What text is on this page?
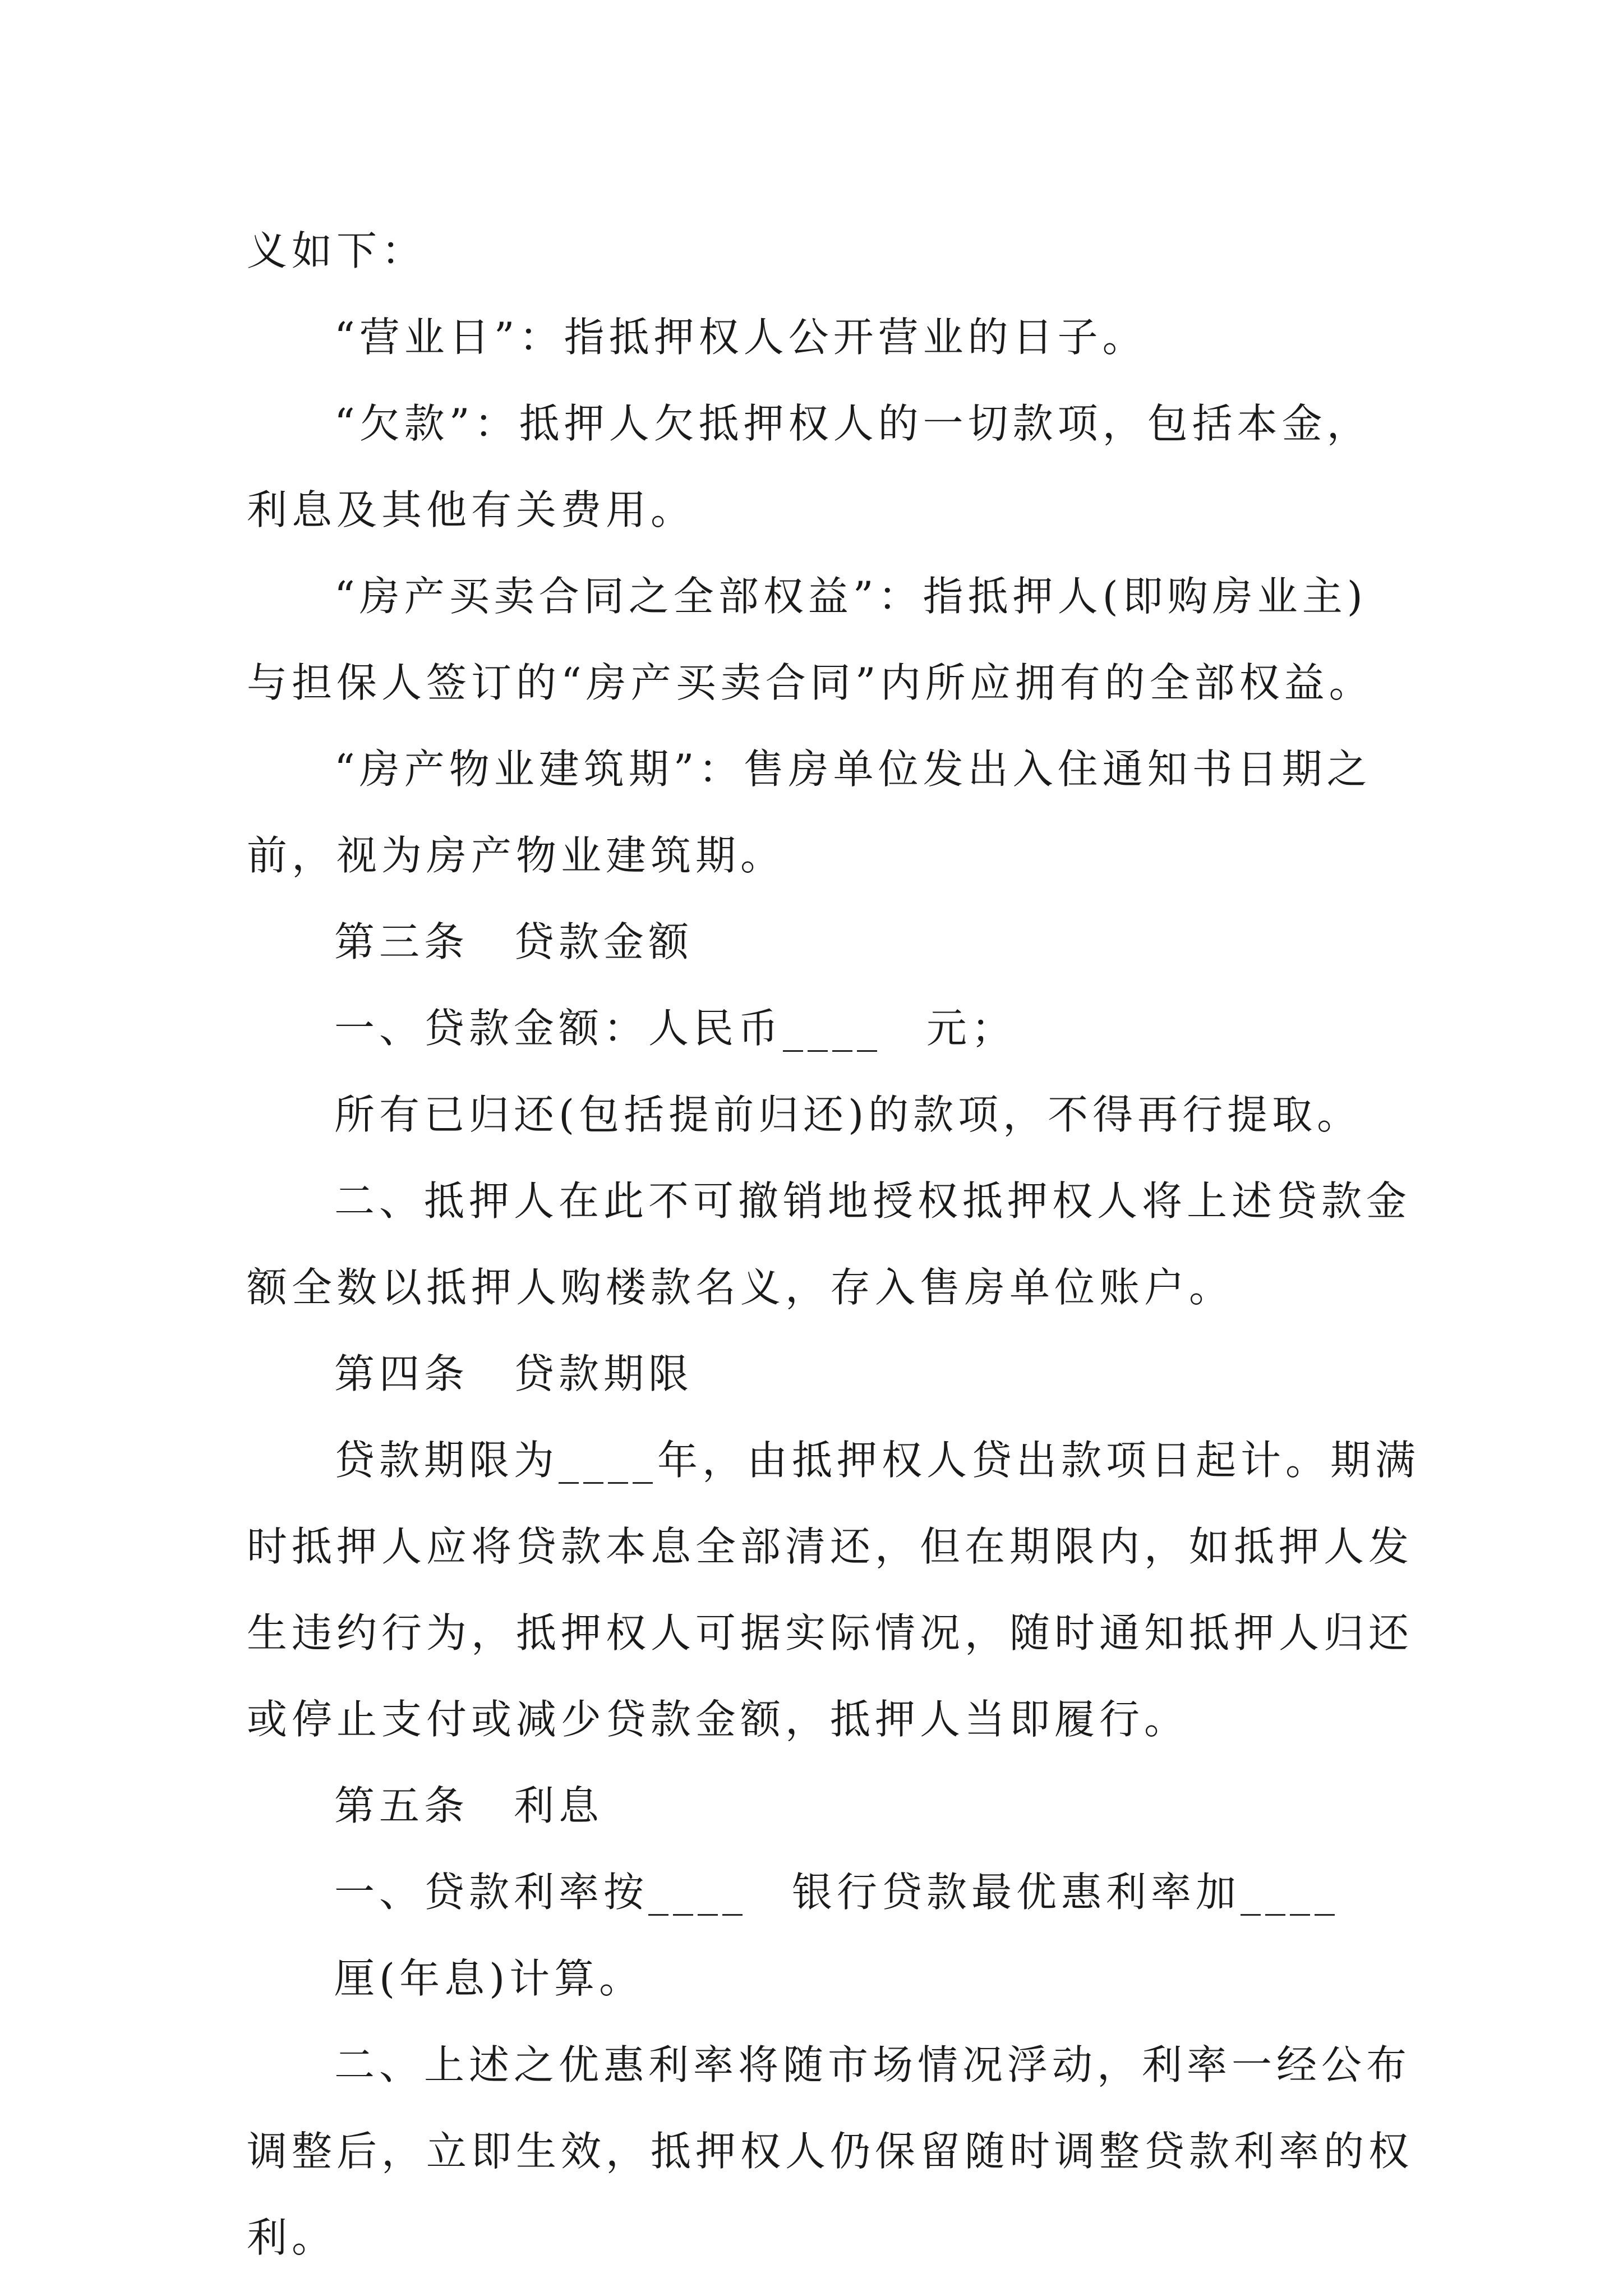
义如下：
“营业日”：指抵押权人公开营业的日子。
“欠款”：抵押人欠抵押权人的一切款项，包括本金，
利息及其他有关费用。
“房产买卖合同之全部权益”：指抵押人(即购房业主)
与担保人签订的“房产买卖合同”内所应拥有的全部权益。
“房产物业建筑期”：售房单位发出入住通知书日期之
前，视为房产物业建筑期。
第三条　贷款金额
一、贷款金额：人民币____　元；
所有已归还(包括提前归还)的款项，不得再行提取。
二、抵押人在此不可撤销地授权抵押权人将上述贷款金
额全数以抵押人购楼款名义，存入售房单位账户。
第四条　贷款期限
贷款期限为____年，由抵押权人贷出款项日起计。期满
时抵押人应将贷款本息全部清还，但在期限内，如抵押人发
生违约行为，抵押权人可据实际情况，随时通知抵押人归还
或停止支付或减少贷款金额，抵押人当即履行。
第五条　利息
一、贷款利率按____　银行贷款最优惠利率加____
厘(年息)计算。
二、上述之优惠利率将随市场情况浮动，利率一经公布
调整后，立即生效，抵押权人仍保留随时调整贷款利率的权
利。
